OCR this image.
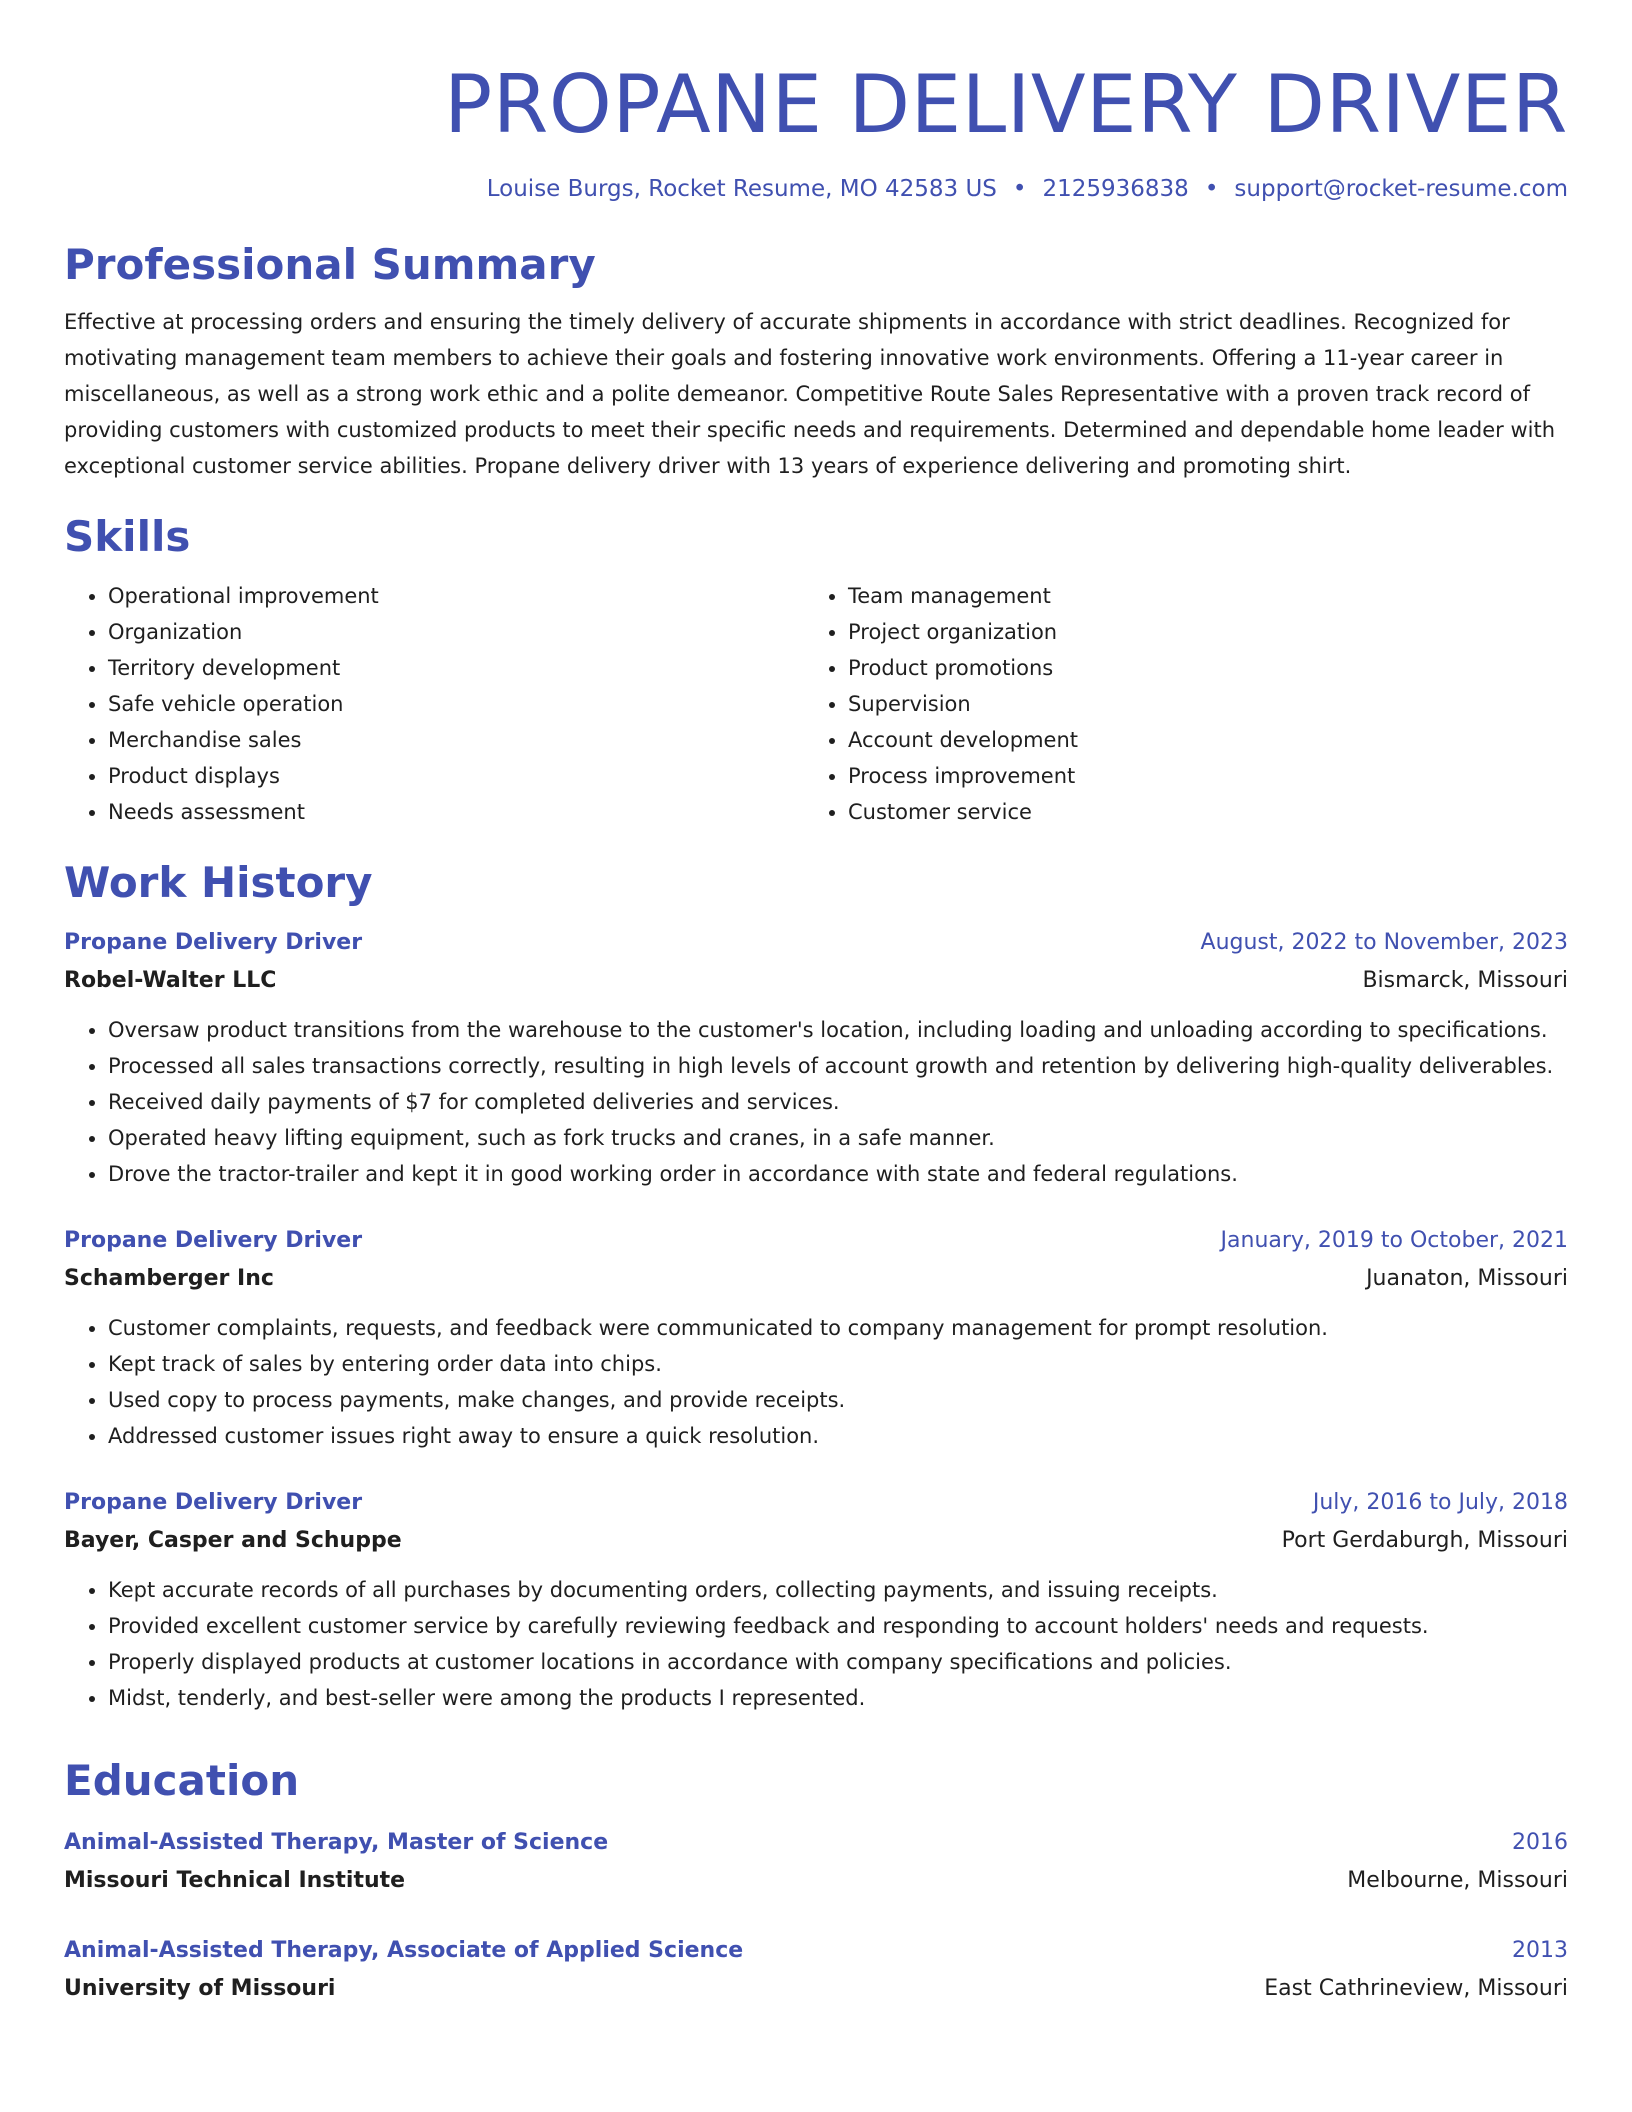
PROPANE DELIVERY DRIVER
Louise Burgs, Rocket Resume, MO 42583 US • 2125936838 • support@rocket-resume.com
Professional Summary
Effective at processing orders and ensuring the timely delivery of accurate shipments in accordance with strict deadlines. Recognized for motivating management team members to achieve their goals and fostering innovative work environments. Offering a 11-year career in miscellaneous, as well as a strong work ethic and a polite demeanor. Competitive Route Sales Representative with a proven track record of providing customers with customized products to meet their specific needs and requirements. Determined and dependable home leader with exceptional customer service abilities. Propane delivery driver with 13 years of experience delivering and promoting shirt.
Skills
• Operational improvement
• Organization
• Territory development
• Safe vehicle operation
• Merchandise sales
• Product displays
• Needs assessment
• Team management
• Project organization
• Product promotions
• Supervision
• Account development
• Process improvement
• Customer service
Work History
Propane Delivery Driver	August, 2022 to November, 2023
Robel-Walter LLC	Bismarck, Missouri
• Oversaw product transitions from the warehouse to the customer's location, including loading and unloading according to specifications.
• Processed all sales transactions correctly, resulting in high levels of account growth and retention by delivering high-quality deliverables.
• Received daily payments of $7 for completed deliveries and services.
• Operated heavy lifting equipment, such as fork trucks and cranes, in a safe manner.
• Drove the tractor-trailer and kept it in good working order in accordance with state and federal regulations.
Propane Delivery Driver	January, 2019 to October, 2021
Schamberger Inc	Juanaton, Missouri
• Customer complaints, requests, and feedback were communicated to company management for prompt resolution.
• Kept track of sales by entering order data into chips.
• Used copy to process payments, make changes, and provide receipts.
• Addressed customer issues right away to ensure a quick resolution.
Propane Delivery Driver	July, 2016 to July, 2018
Bayer, Casper and Schuppe	Port Gerdaburgh, Missouri
• Kept accurate records of all purchases by documenting orders, collecting payments, and issuing receipts.
• Provided excellent customer service by carefully reviewing feedback and responding to account holders' needs and requests.
• Properly displayed products at customer locations in accordance with company specifications and policies.
• Midst, tenderly, and best-seller were among the products I represented.
Education
Animal-Assisted Therapy, Master of Science	2016
Missouri Technical Institute	Melbourne, Missouri
Animal-Assisted Therapy, Associate of Applied Science	2013
University of Missouri	East Cathrineview, Missouri
